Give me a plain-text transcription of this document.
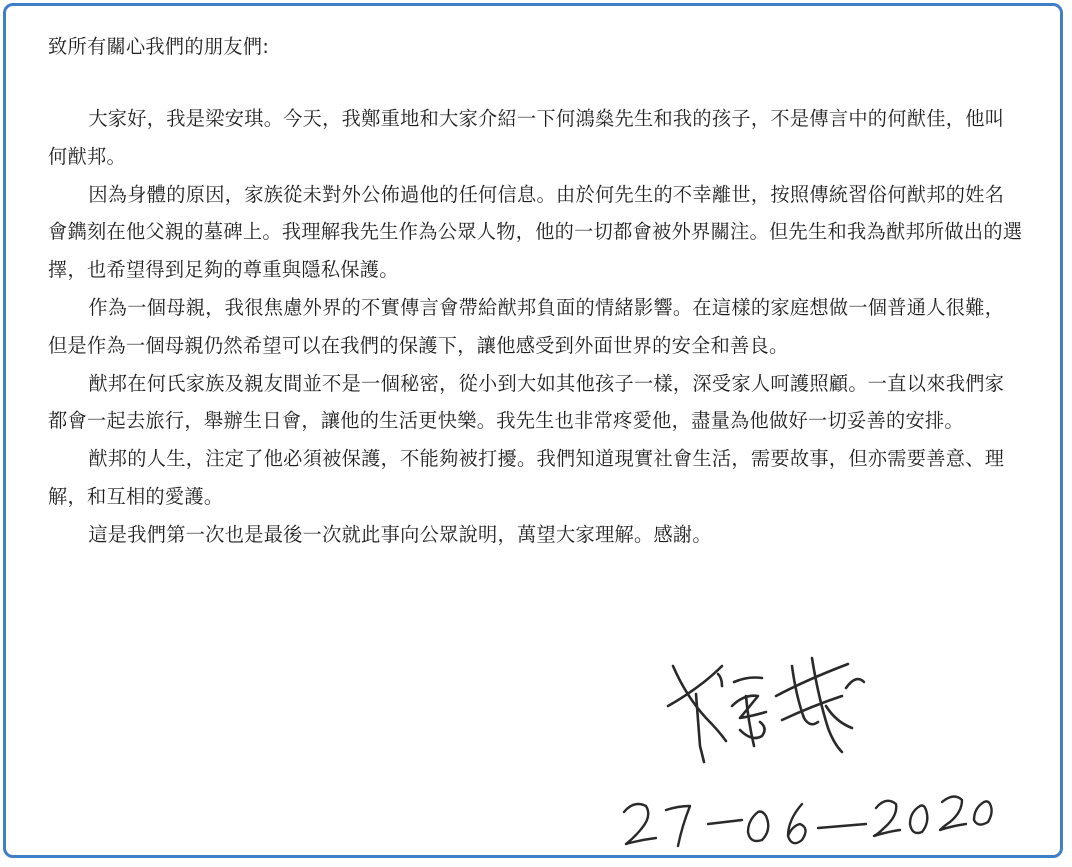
致所有關心我們的朋友們:

大家好，我是梁安琪。今天，我鄭重地和大家介紹一下何鴻燊先生和我的孩子，不是傳言中的何猷佳，他叫何猷邦。

因為身體的原因，家族從未對外公佈過他的任何信息。由於何先生的不幸離世，按照傳統習俗何猷邦的姓名會鐫刻在他父親的墓碑上。我理解我先生作為公眾人物，他的一切都會被外界關注。但先生和我為猷邦所做出的選擇，也希望得到足夠的尊重與隱私保護。

作為一個母親，我很焦慮外界的不實傳言會帶給猷邦負面的情緒影響。在這樣的家庭想做一個普通人很難，但是作為一個母親仍然希望可以在我們的保護下，讓他感受到外面世界的安全和善良。

猷邦在何氏家族及親友間並不是一個秘密，從小到大如其他孩子一樣，深受家人呵護照顧。一直以來我們家都會一起去旅行，舉辦生日會，讓他的生活更快樂。我先生也非常疼愛他，盡量為他做好一切妥善的安排。

猷邦的人生，注定了他必須被保護，不能夠被打擾。我們知道現實社會生活，需要故事，但亦需要善意、理解，和互相的愛護。

這是我們第一次也是最後一次就此事向公眾說明，萬望大家理解。感謝。
